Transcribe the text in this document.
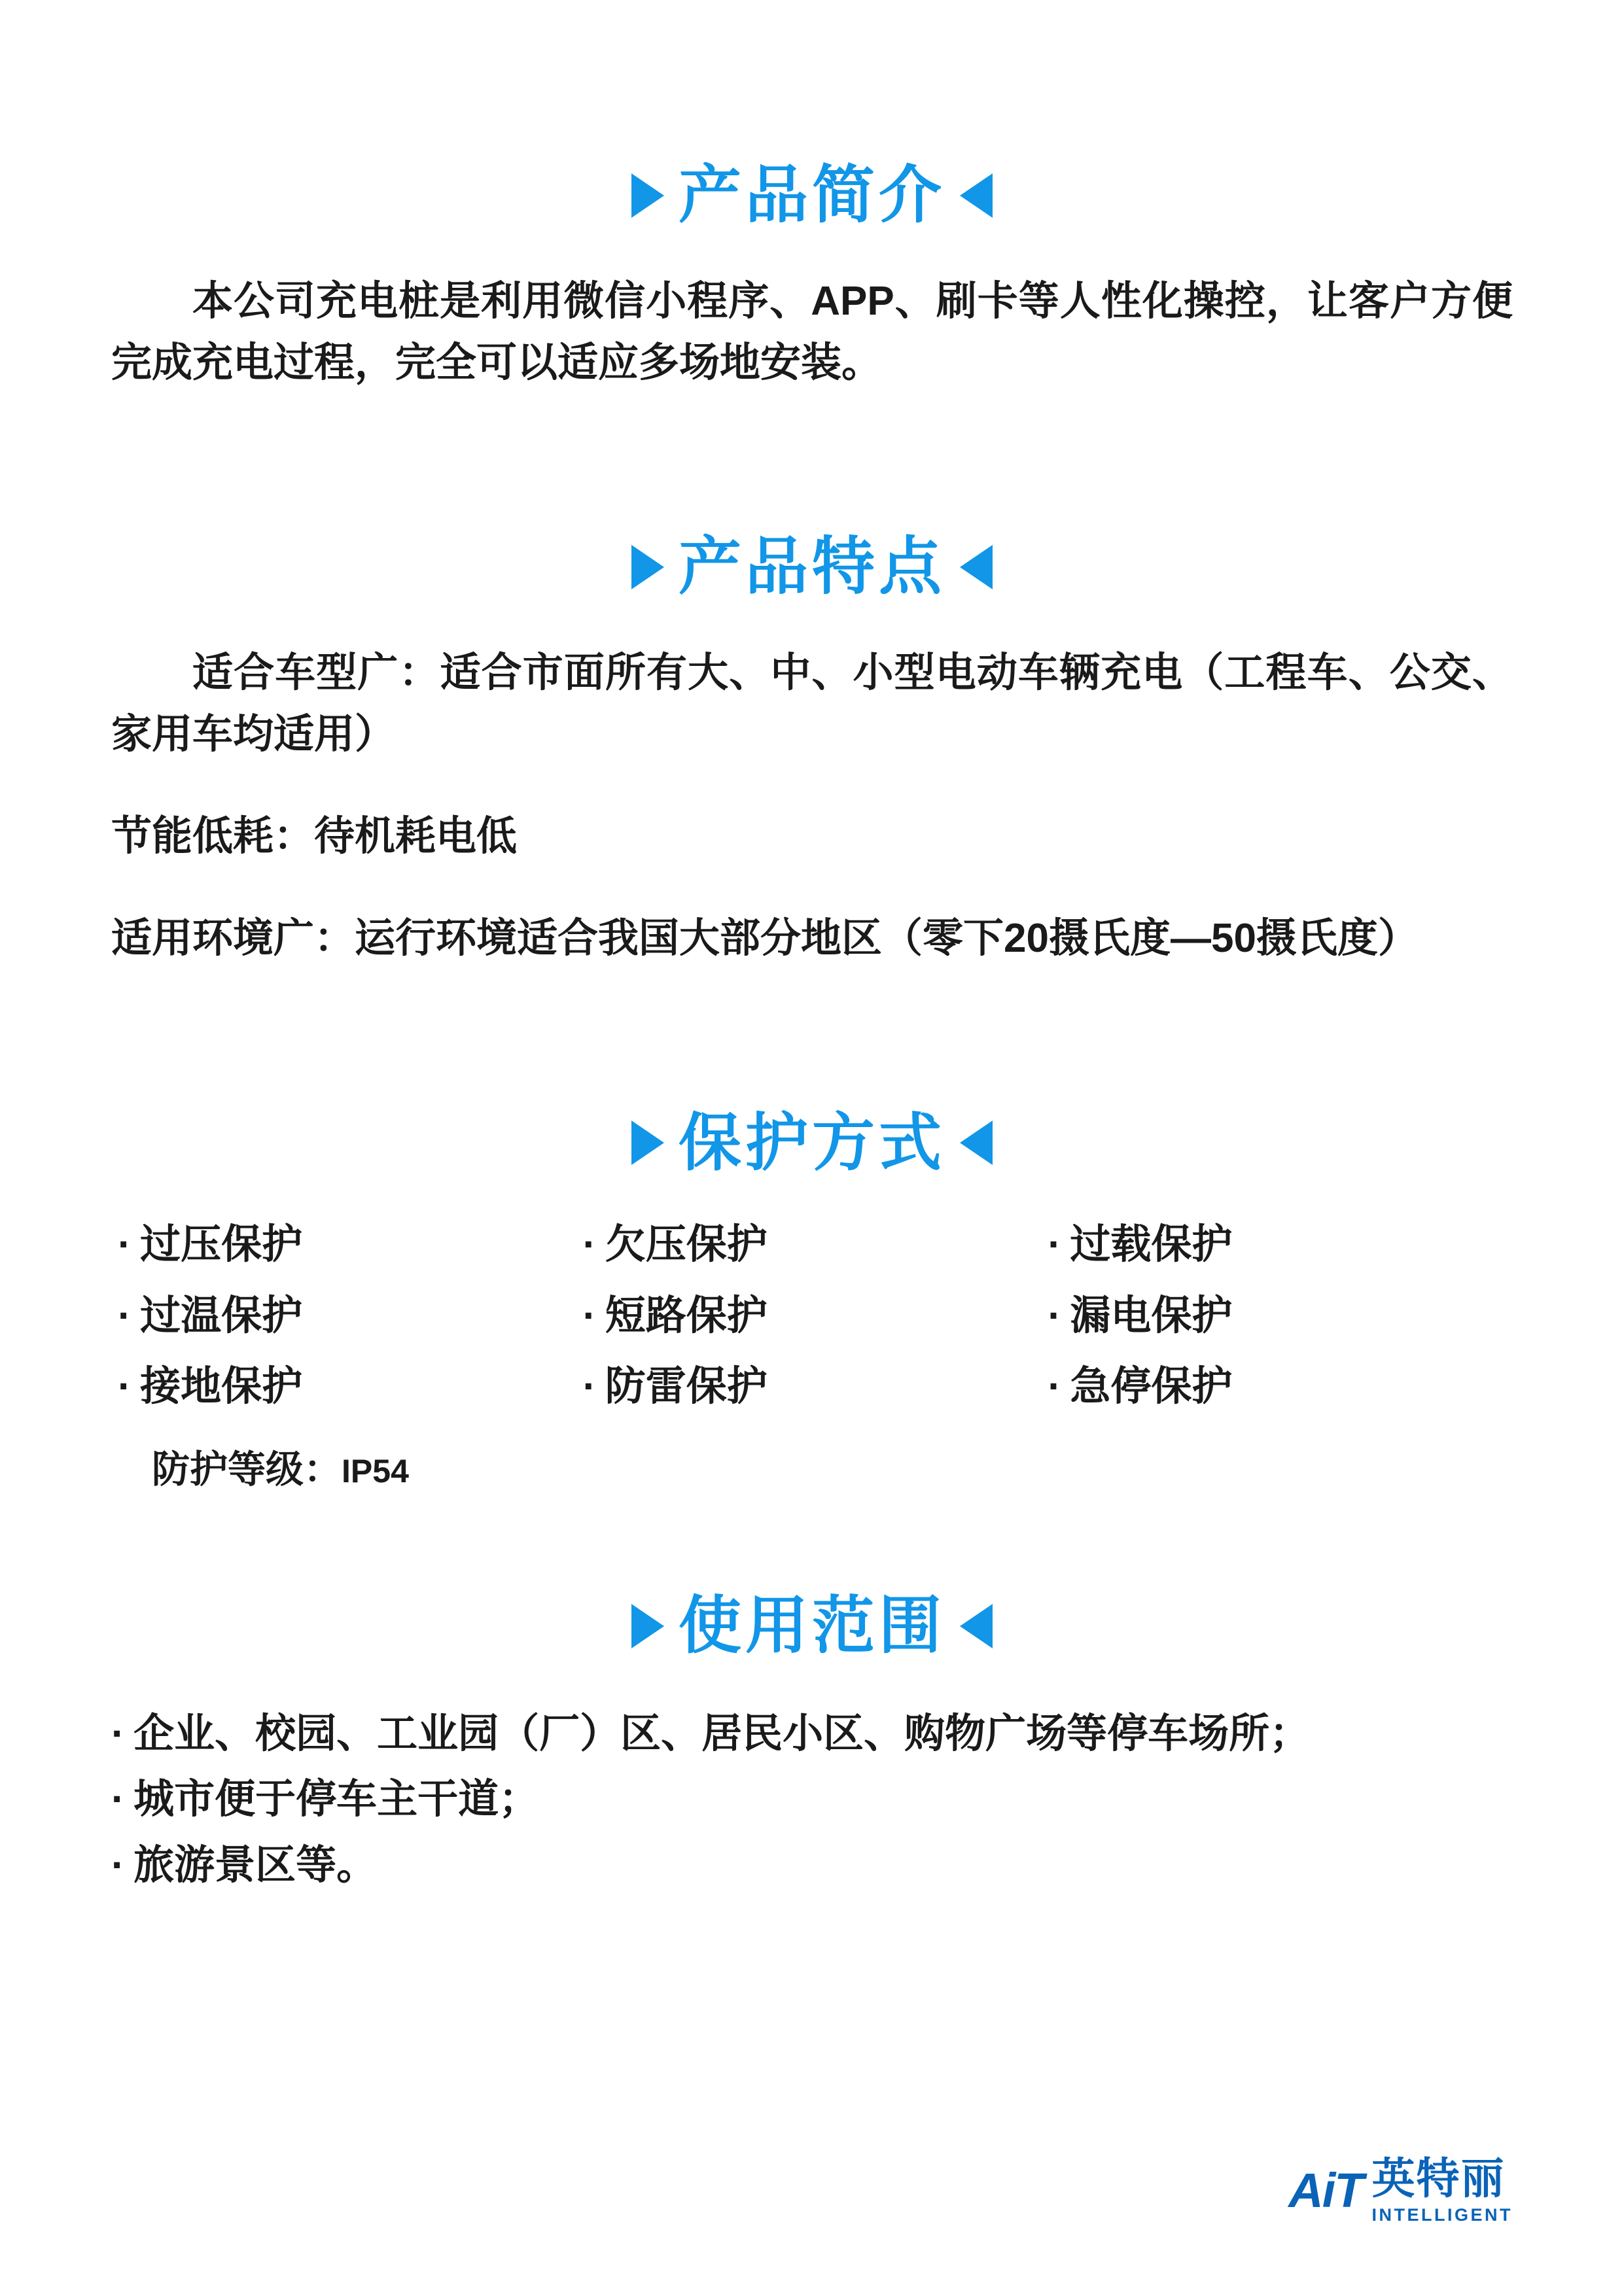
产品简介

本公司充电桩是利用微信小程序、APP、刷卡等人性化操控，让客户方便完成充电过程，完全可以适应多场地安装。

产品特点

适合车型广：适合市面所有大、中、小型电动车辆充电（工程车、公交、家用车均适用）

节能低耗：待机耗电低

适用环境广：运行环境适合我国大部分地区（零下20摄氏度—50摄氏度）

保护方式
· 过压保护	· 欠压保护	· 过载保护
· 过温保护	· 短路保护	· 漏电保护
· 接地保护	· 防雷保护	· 急停保护
防护等级：IP54
使用范围
· 企业、校园、工业园（厂）区、居民小区、购物广场等停车场所；
· 城市便于停车主干道；
· 旅游景区等。
A i T 英特丽
INTELLIGENT
